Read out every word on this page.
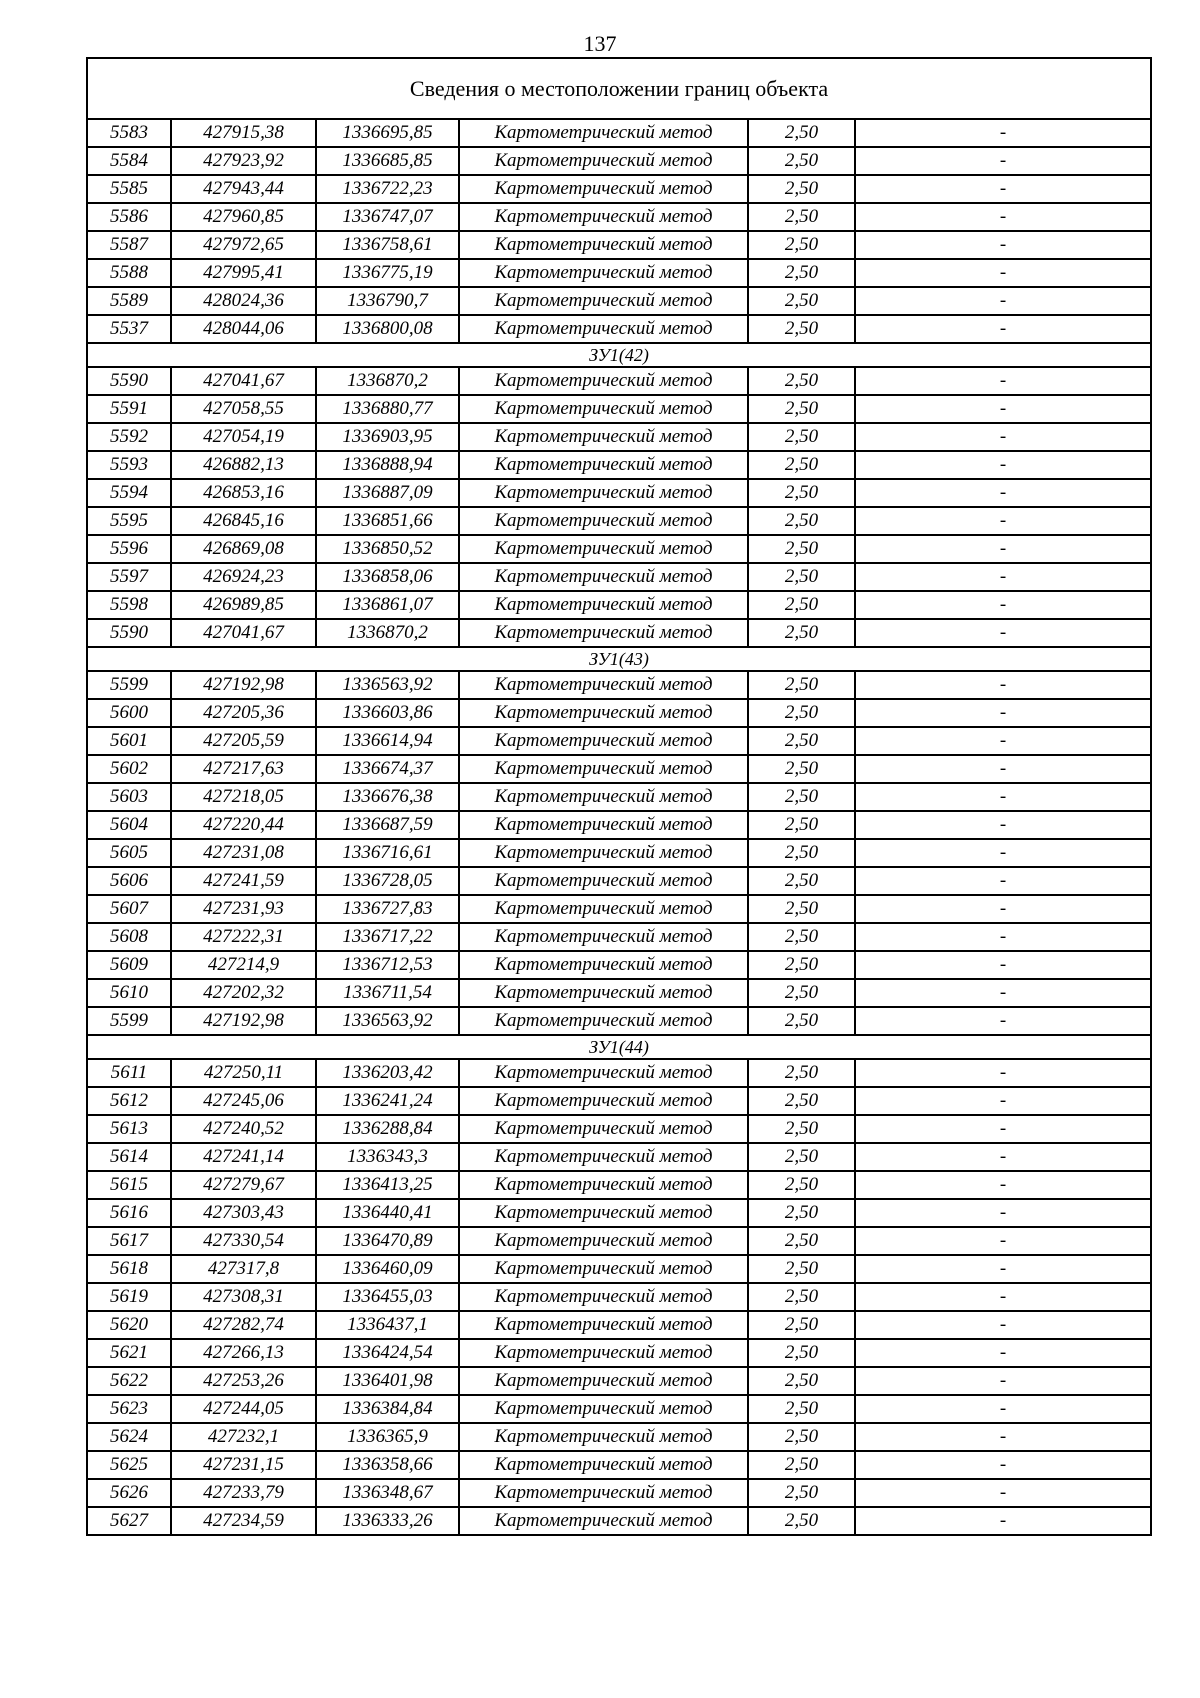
137
Сведения о местоположении границ объекта					
5583	427915,38	1336695,85	Картометрический метод	2,50	-
5584	427923,92	1336685,85	Картометрический метод	2,50	-
5585	427943,44	1336722,23	Картометрический метод	2,50	-
5586	427960,85	1336747,07	Картометрический метод	2,50	-
5587	427972,65	1336758,61	Картометрический метод	2,50	-
5588	427995,41	1336775,19	Картометрический метод	2,50	-
5589	428024,36	1336790,7	Картометрический метод	2,50	-
5537	428044,06	1336800,08	Картометрический метод	2,50	-
ЗУ1(42)					
5590	427041,67	1336870,2	Картометрический метод	2,50	-
5591	427058,55	1336880,77	Картометрический метод	2,50	-
5592	427054,19	1336903,95	Картометрический метод	2,50	-
5593	426882,13	1336888,94	Картометрический метод	2,50	-
5594	426853,16	1336887,09	Картометрический метод	2,50	-
5595	426845,16	1336851,66	Картометрический метод	2,50	-
5596	426869,08	1336850,52	Картометрический метод	2,50	-
5597	426924,23	1336858,06	Картометрический метод	2,50	-
5598	426989,85	1336861,07	Картометрический метод	2,50	-
5590	427041,67	1336870,2	Картометрический метод	2,50	-
ЗУ1(43)					
5599	427192,98	1336563,92	Картометрический метод	2,50	-
5600	427205,36	1336603,86	Картометрический метод	2,50	-
5601	427205,59	1336614,94	Картометрический метод	2,50	-
5602	427217,63	1336674,37	Картометрический метод	2,50	-
5603	427218,05	1336676,38	Картометрический метод	2,50	-
5604	427220,44	1336687,59	Картометрический метод	2,50	-
5605	427231,08	1336716,61	Картометрический метод	2,50	-
5606	427241,59	1336728,05	Картометрический метод	2,50	-
5607	427231,93	1336727,83	Картометрический метод	2,50	-
5608	427222,31	1336717,22	Картометрический метод	2,50	-
5609	427214,9	1336712,53	Картометрический метод	2,50	-
5610	427202,32	1336711,54	Картометрический метод	2,50	-
5599	427192,98	1336563,92	Картометрический метод	2,50	-
ЗУ1(44)					
5611	427250,11	1336203,42	Картометрический метод	2,50	-
5612	427245,06	1336241,24	Картометрический метод	2,50	-
5613	427240,52	1336288,84	Картометрический метод	2,50	-
5614	427241,14	1336343,3	Картометрический метод	2,50	-
5615	427279,67	1336413,25	Картометрический метод	2,50	-
5616	427303,43	1336440,41	Картометрический метод	2,50	-
5617	427330,54	1336470,89	Картометрический метод	2,50	-
5618	427317,8	1336460,09	Картометрический метод	2,50	-
5619	427308,31	1336455,03	Картометрический метод	2,50	-
5620	427282,74	1336437,1	Картометрический метод	2,50	-
5621	427266,13	1336424,54	Картометрический метод	2,50	-
5622	427253,26	1336401,98	Картометрический метод	2,50	-
5623	427244,05	1336384,84	Картометрический метод	2,50	-
5624	427232,1	1336365,9	Картометрический метод	2,50	-
5625	427231,15	1336358,66	Картометрический метод	2,50	-
5626	427233,79	1336348,67	Картометрический метод	2,50	-
5627	427234,59	1336333,26	Картометрический метод	2,50	-
